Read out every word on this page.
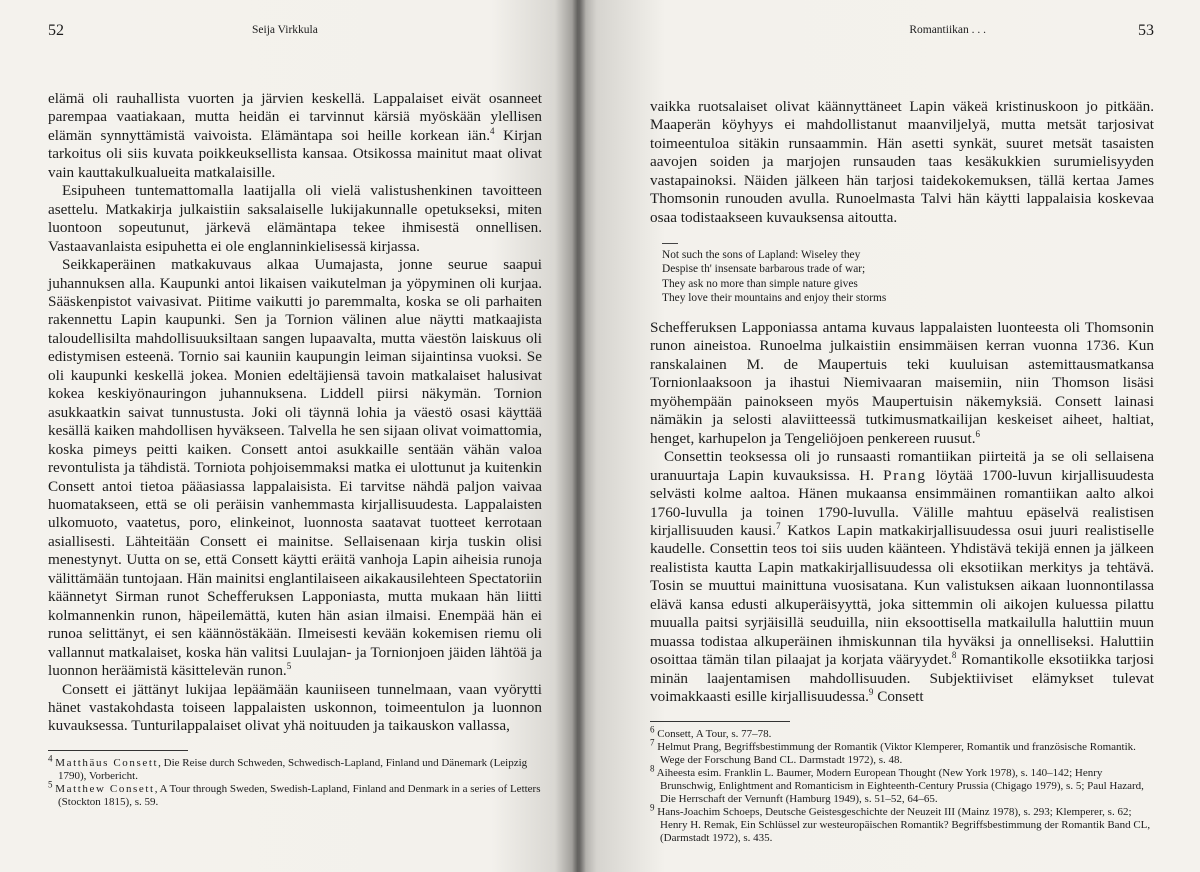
52	Seija Virkkula

elämä oli rauhallista vuorten ja järvien keskellä. Lappalaiset eivät osanneet parempaa vaatiakaan, mutta heidän ei tarvinnut kärsiä myöskään ylellisen elämän synnyttämistä vaivoista. Elämäntapa soi heille korkean iän.$^4$ Kirjan tarkoitus oli siis kuvata poikkeuksellista kansaa. Otsikossa mainitut maat olivat vain kauttakulkualueita matkalaisille.

Esipuheen tuntemattomalla laatijalla oli vielä valistushenkinen tavoitteen asettelu. Matkakirja julkaistiin saksalaiselle lukijakunnalle opetukseksi, miten luontoon sopeutunut, järkevä elämäntapa tekee ihmisestä onnellisen. Vastaavanlaista esipuhetta ei ole englanninkielisessä kirjassa.

Seikkaperäinen matkakuvaus alkaa Uumajasta, jonne seurue saapui juhannuksen alla. Kaupunki antoi likaisen vaikutelman ja yöpyminen oli kurjaa. Sääskenpistot vaivasivat. Piitime vaikutti jo paremmalta, koska se oli parhaiten rakennettu Lapin kaupunki. Sen ja Tornion välinen alue näytti matkaajista taloudellisilta mahdollisuuksiltaan sangen lupaavalta, mutta väestön laiskuus oli edistymisen esteenä. Tornio sai kauniin kaupungin leiman sijaintinsa vuoksi. Se oli kaupunki keskellä jokea. Monien edeltäjiensä tavoin matkalaiset halusivat kokea keskiyönauringon juhannuksena. Liddell piirsi näkymän. Tornion asukkaatkin saivat tunnustusta. Joki oli täynnä lohia ja väestö osasi käyttää kesällä kaiken mahdollisen hyväkseen. Talvella he sen sijaan olivat voimattomia, koska pimeys peitti kaiken. Consett antoi asukkaille sentään vähän valoa revontulista ja tähdistä. Torniota pohjoisemmaksi matka ei ulottunut ja kuitenkin Consett antoi tietoa pääasiassa lappalaisista. Ei tarvitse nähdä paljon vaivaa huomatakseen, että se oli peräisin vanhemmasta kirjallisuudesta. Lappalaisten ulkomuoto, vaatetus, poro, elinkeinot, luonnosta saatavat tuotteet kerrotaan asiallisesti. Lähteitään Consett ei mainitse. Sellaisenaan kirja tuskin olisi menestynyt. Uutta on se, että Consett käytti eräitä vanhoja Lapin aiheisia runoja välittämään tuntojaan. Hän mainitsi englantilaiseen aikakausilehteen Spectatoriin käännetyt Sirman runot Schefferuksen Lapponiasta, mutta mukaan hän liitti kolmannenkin runon, häpeilemättä, kuten hän asian ilmaisi. Enempää hän ei runoa selittänyt, ei sen käännöstäkään. Ilmeisesti kevään kokemisen riemu oli vallannut matkalaiset, koska hän valitsi Luulajan- ja Tornionjoen jäiden lähtöä ja luonnon heräämistä käsittelevän runon.$^5$

Consett ei jättänyt lukijaa lepäämään kauniiseen tunnelmaan, vaan vyörytti hänet vastakohdasta toiseen lappalaisten uskonnon, toimeentulon ja luonnon kuvauksessa. Tunturilappalaiset olivat yhä noituuden ja taikauskon vallassa,

$^4$ Matthäus Consett, Die Reise durch Schweden, Schwedisch-Lapland, Finland und Dänemark (Leipzig 1790), Vorbericht.

$^5$ Matthew Consett, A Tour through Sweden, Swedish-Lapland, Finland and Denmark in a series of Letters (Stockton 1815), s. 59.

Romantiikan . . .	53

vaikka ruotsalaiset olivat käännyttäneet Lapin väkeä kristinuskoon jo pitkään. Maaperän köyhyys ei mahdollistanut maanviljelyä, mutta metsät tarjosivat toimeentuloa sitäkin runsaammin. Hän asetti synkät, suuret metsät tasaisten aavojen soiden ja marjojen runsauden taas kesäkukkien surumielisyyden vastapainoksi. Näiden jälkeen hän tarjosi taidekokemuksen, tällä kertaa James Thomsonin runouden avulla. Runoelmasta Talvi hän käytti lappalaisia koskevaa osaa todistaakseen kuvauksensa aitoutta.

Not such the sons of Lapland: Wiseley they
Despise th' insensate barbarous trade of war;
They ask no more than simple nature gives
They love their mountains and enjoy their storms

Schefferuksen Lapponiassa antama kuvaus lappalaisten luonteesta oli Thomsonin runon aineistoa. Runoelma julkaistiin ensimmäisen kerran vuonna 1736. Kun ranskalainen M. de Maupertuis teki kuuluisan astemittausmatkansa Tornionlaaksoon ja ihastui Niemivaaran maisemiin, niin Thomson lisäsi myöhempään painokseen myös Maupertuisin näkemyksiä. Consett lainasi nämäkin ja selosti alaviitteessä tutkimusmatkailijan keskeiset aiheet, haltiat, henget, karhupelon ja Tengeliöjoen penkereen ruusut.$^6$

Consettin teoksessa oli jo runsaasti romantiikan piirteitä ja se oli sellaisena uranuurtaja Lapin kuvauksissa. H. Prang löytää 1700-luvun kirjallisuudesta selvästi kolme aaltoa. Hänen mukaansa ensimmäinen romantiikan aalto alkoi 1760-luvulla ja toinen 1790-luvulla. Välille mahtuu epäselvä realistisen kirjallisuuden kausi.$^7$ Katkos Lapin matkakirjallisuudessa osui juuri realistiselle kaudelle. Consettin teos toi siis uuden käänteen. Yhdistävä tekijä ennen ja jälkeen realistista kautta Lapin matkakirjallisuudessa oli eksotiikan merkitys ja tehtävä. Tosin se muuttui mainittuna vuosisatana. Kun valistuksen aikaan luonnontilassa elävä kansa edusti alkuperäisyyttä, joka sittemmin oli aikojen kuluessa pilattu muualla paitsi syrjäisillä seuduilla, niin eksoottisella matkailulla haluttiin muun muassa todistaa alkuperäinen ihmiskunnan tila hyväksi ja onnelliseksi. Haluttiin osoittaa tämän tilan pilaajat ja korjata vääryydet.$^8$ Romantikolle eksotiikka tarjosi minän laajentamisen mahdollisuuden. Subjektiiviset elämykset tulevat voimakkaasti esille kirjallisuudessa.$^9$ Consett

$^6$ Consett, A Tour, s. 77–78.

$^7$ Helmut Prang, Begriffsbestimmung der Romantik (Viktor Klemperer, Romantik und französische Romantik. Wege der Forschung Band CL. Darmstadt 1972), s. 48.

$^8$ Aiheesta esim. Franklin L. Baumer, Modern European Thought (New York 1978), s. 140–142; Henry Brunschwig, Enlightment and Romanticism in Eighteenth-Century Prussia (Chigago 1979), s. 5; Paul Hazard, Die Herrschaft der Vernunft (Hamburg 1949), s. 51–52, 64–65.

$^9$ Hans-Joachim Schoeps, Deutsche Geistesgeschichte der Neuzeit III (Mainz 1978), s. 293; Klemperer, s. 62; Henry H. Remak, Ein Schlüssel zur westeuropäischen Romantik? Begriffsbestimmung der Romantik Band CL, (Darmstadt 1972), s. 435.
